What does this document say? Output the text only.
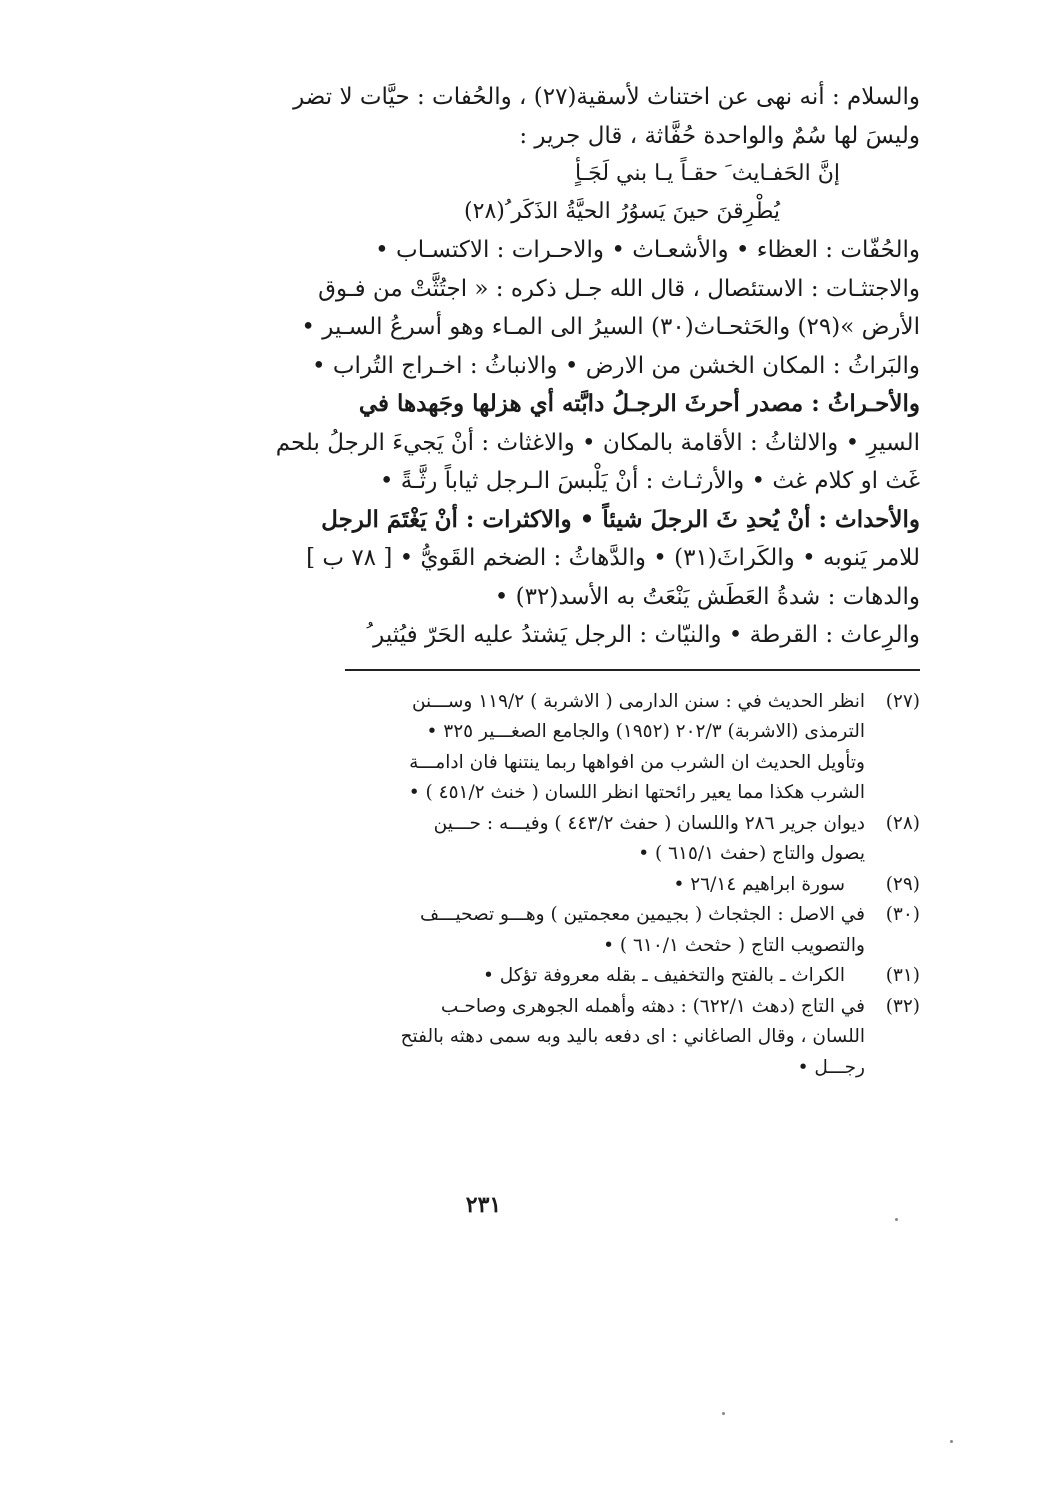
والسلام : أنه نهى عن اختناث لأسقية(٢٧) ، والحُفات : حيَّات لا تضر

وليسَ لها سُمٌ والواحدة حُفَّاثة ، قال جرير :

إنَّ الحَفـايث َ حقـاً يـا بني لَجَـأٍ
يُطْرِقنَ حينَ يَسوُرُ الحيَّةُ الذَكَر ُ(٢٨)

والحُفّات : العظاء • والأشعـاث • والاحـرات : الاكتسـاب •

والاجتثـات : الاستئصال ، قال الله جـل ذكره : « اجتُثَّتْ من فـوق

الأرض »(٢٩) والحَثحـاث(٣٠) السيرُ الى المـاء وهو أسرعُ السـير •

والبَراثُ : المكان الخشن من الارض • والانباثُ : اخـراج التُراب •

والأحـراثُ : مصدر أحرثَ الرجـلُ دابَّته أي هزلها وجَهدها في

السيرِ • والالثاثُ : الأقامة بالمكان • والاغثاث : أنْ يَجيءَ الرجلُ بلحم

غَث او كلام غث • والأرثـاث : أنْ يَلْبسَ الـرجل ثياباً رثَّـةً •

والأحداث : أنْ يُحدِ ثَ الرجلَ شيئاً • والاكثرات : أنْ يَغْتَمَ الرجل

للامر يَنوبه • والكَراثَ(٣١) • والدَّهاثُ : الضخم القَويُّ • [ ٧٨ ب ]

والدهات : شدةُ العَطَش يَنْعَتُ به الأسد(٣٢) •

والرِعاث : القرطة • والنيّاث : الرجل يَشتدُ عليه الحَرّ فيُثير ُ

(٢٧)
انظر الحديث في : سنن الدارمى ( الاشربة ) ١١٩/٢ وســـنن
الترمذى (الاشربة) ٢٠٢/٣ (١٩٥٢) والجامع الصغـــير ٣٢٥ •
وتأويل الحديث ان الشرب من افواهها ربما ينتنها فان ادامـــة
الشرب هكذا مما يعير رائحتها انظر اللسان ( خنث ٤٥١/٢ ) •
(٢٨)
ديوان جرير ٢٨٦ واللسان ( حفث ٤٤٣/٢ ) وفيـــه : حـــين
يصول والتاج (حفث ٦١٥/١ ) •
(٢٩)
سورة ابراهيم ٢٦/١٤ •
(٣٠)
في الاصل : الجثجاث ( بجيمين معجمتين ) وهـــو تصحيـــف
والتصويب التاج ( حثحث ٦١٠/١ ) •
(٣١)
الكراث ـ بالفتح والتخفيف ـ بقله معروفة تؤكل •
(٣٢)
في التاج (دهث ٦٢٢/١) : دهثه وأهمله الجوهرى وصاحـب
اللسان ، وقال الصاغاني : اى دفعه باليد وبه سمى دهثه بالفتح
رجـــل •
٢٣١
